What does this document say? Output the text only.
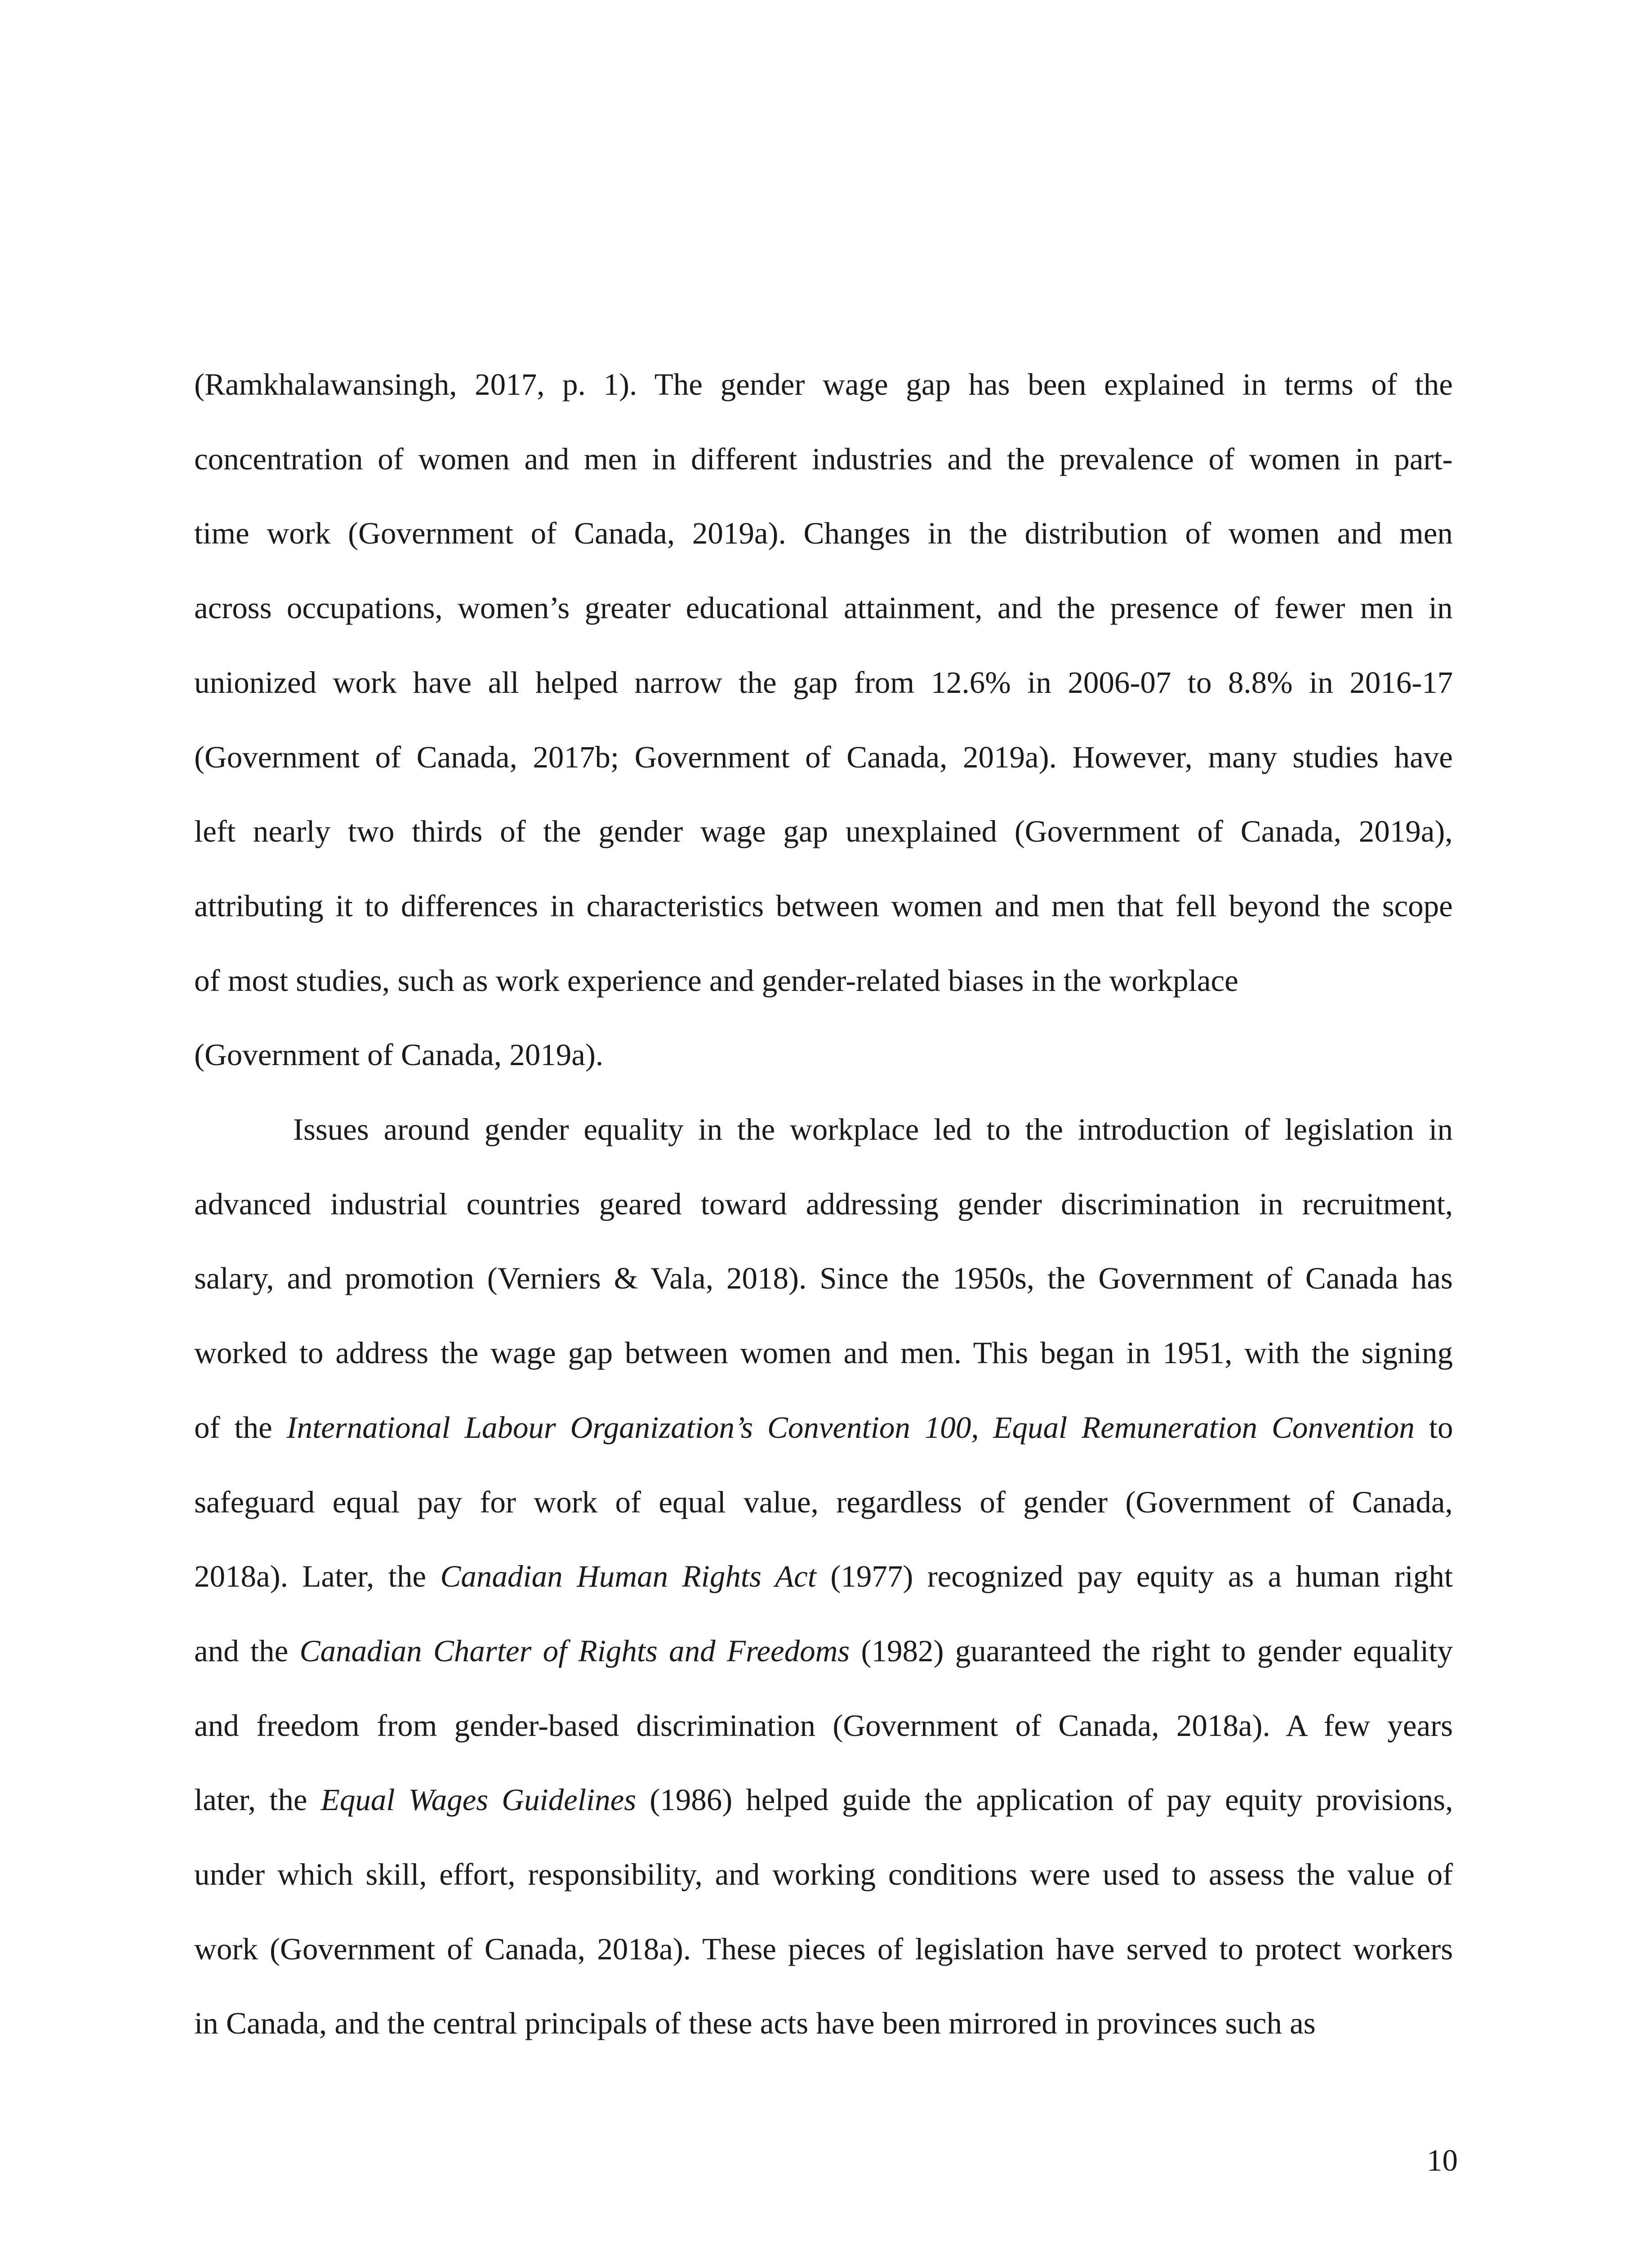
(Ramkhalawansingh, 2017, p. 1). The gender wage gap has been explained in terms of the
concentration of women and men in different industries and the prevalence of women in part-
time work (Government of Canada, 2019a). Changes in the distribution of women and men
across occupations, women’s greater educational attainment, and the presence of fewer men in
unionized work have all helped narrow the gap from 12.6% in 2006-07 to 8.8% in 2016-17
(Government of Canada, 2017b; Government of Canada, 2019a). However, many studies have
left nearly two thirds of the gender wage gap unexplained (Government of Canada, 2019a),
attributing it to differences in characteristics between women and men that fell beyond the scope
of most studies, such as work experience and gender-related biases in the workplace
(Government of Canada, 2019a).
Issues around gender equality in the workplace led to the introduction of legislation in
advanced industrial countries geared toward addressing gender discrimination in recruitment,
salary, and promotion (Verniers & Vala, 2018). Since the 1950s, the Government of Canada has
worked to address the wage gap between women and men. This began in 1951, with the signing
of the International Labour Organization’s Convention 100, Equal Remuneration Convention to
safeguard equal pay for work of equal value, regardless of gender (Government of Canada,
2018a). Later, the Canadian Human Rights Act (1977) recognized pay equity as a human right
and the Canadian Charter of Rights and Freedoms (1982) guaranteed the right to gender equality
and freedom from gender-based discrimination (Government of Canada, 2018a). A few years
later, the Equal Wages Guidelines (1986) helped guide the application of pay equity provisions,
under which skill, effort, responsibility, and working conditions were used to assess the value of
work (Government of Canada, 2018a). These pieces of legislation have served to protect workers
in Canada, and the central principals of these acts have been mirrored in provinces such as
10
